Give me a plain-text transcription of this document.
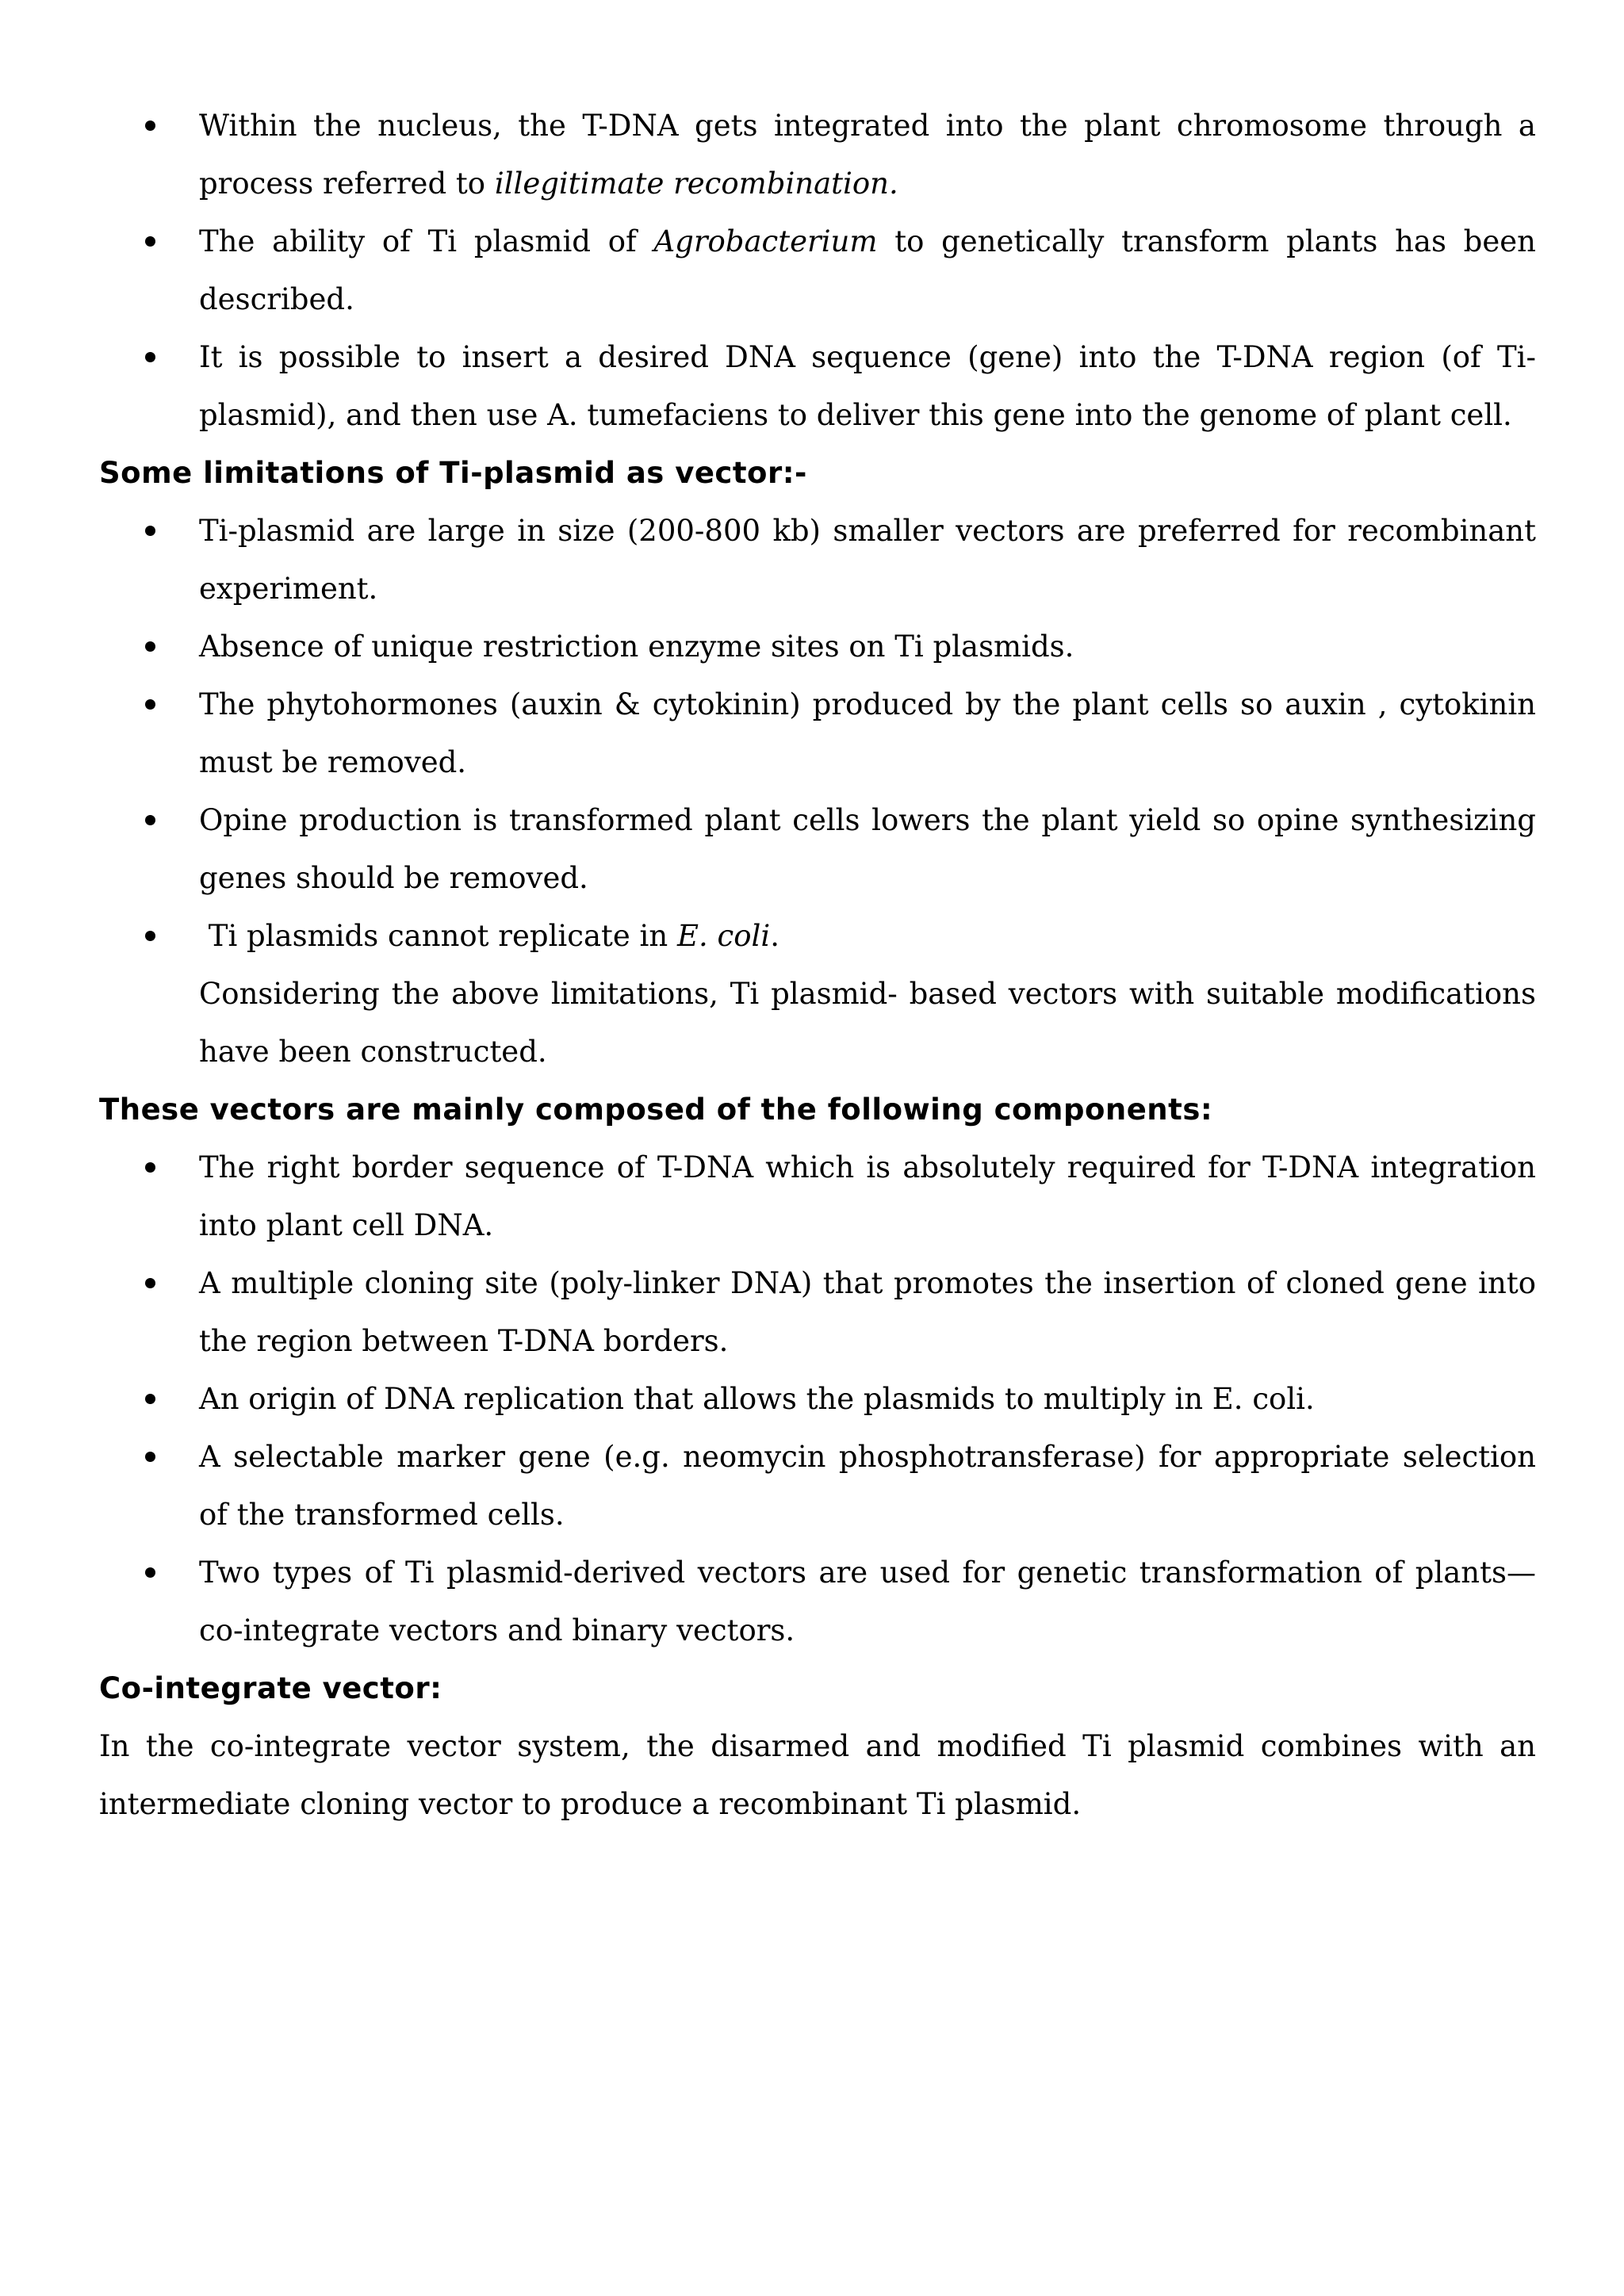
Within the nucleus, the T-DNA gets integrated into the plant chromosome through a process referred to illegitimate recombination.
The ability of Ti plasmid of Agrobacterium to genetically transform plants has been described.
It is possible to insert a desired DNA sequence (gene) into the T-DNA region (of Ti-plasmid), and then use A. tumefaciens to deliver this gene into the genome of plant cell.
Some limitations of Ti-plasmid as vector:-
Ti-plasmid are large in size (200-800 kb) smaller vectors are preferred for recombinant experiment.
Absence of unique restriction enzyme sites on Ti plasmids.
The phytohormones (auxin & cytokinin) produced by the plant cells so auxin , cytokinin must be removed.
Opine production is transformed plant cells lowers the plant yield so opine synthesizing genes should be removed.
Ti plasmids cannot replicate in E. coli.

Considering the above limitations, Ti plasmid- based vectors with suitable modifications have been constructed.

These vectors are mainly composed of the following components:
The right border sequence of T-DNA which is absolutely required for T-DNA integration into plant cell DNA.
A multiple cloning site (poly-linker DNA) that promotes the insertion of cloned gene into the region between T-DNA borders.
An origin of DNA replication that allows the plasmids to multiply in E. coli.
A selectable marker gene (e.g. neomycin phosphotransferase) for appropriate selection of the transformed cells.
Two types of Ti plasmid-derived vectors are used for genetic transformation of plants— co-integrate vectors and binary vectors.
Co-integrate vector:

In the co-integrate vector system, the disarmed and modified Ti plasmid combines with an intermediate cloning vector to produce a recombinant Ti plasmid.
